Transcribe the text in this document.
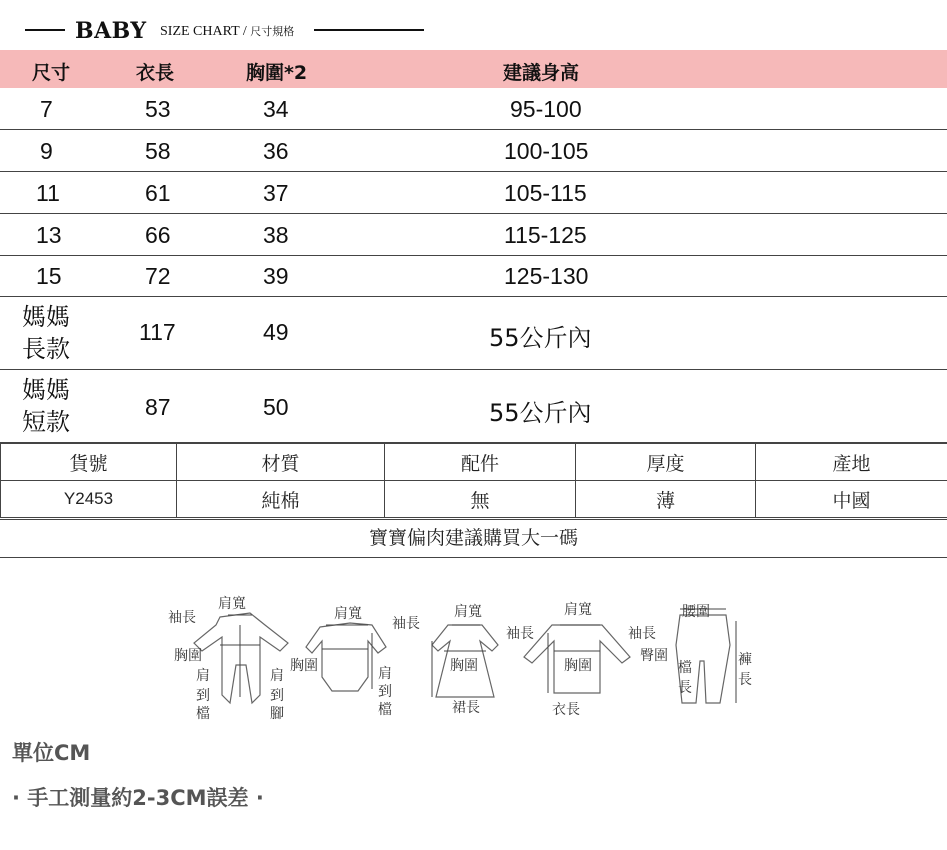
BABY SIZE CHART / 尺寸規格
尺寸	衣長	胸圍*2	建議身高
7	53	34	95-100
9	58	36	100-105
11	61	37	105-115
13	66	38	115-125
15	72	39	125-130
媽媽
長款
117	49	55公斤內
媽媽
短款
87	50	55公斤內
貨號	材質	配件	厚度	產地
Y2453	純棉	無	薄	中國
寶寶偏肉建議購買大一碼
肩寬
袖長
胸圍
肩
到
檔
肩
到
腳
肩寬
袖長
胸圍	肩
到
檔
肩寬
袖長
胸圍
裙長
肩寬
袖長
胸圍
衣長
腰圍
臀圍
檔
長
褲
長
單位CM
· 手工測量約2-3CM誤差 ·
